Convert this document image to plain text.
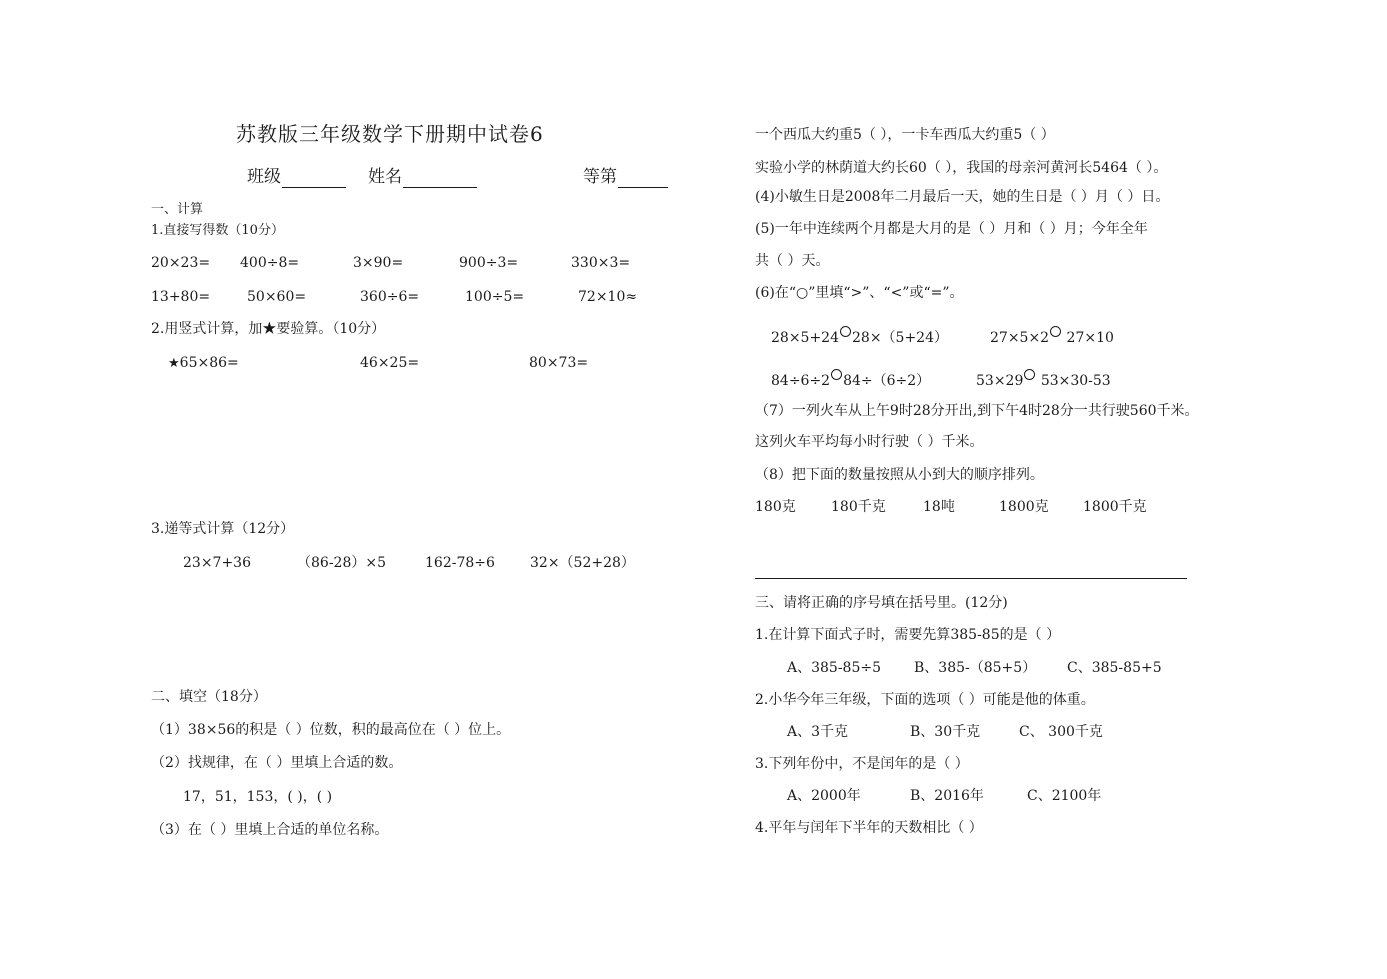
苏教版三年级数学下册期中试卷6
班级	姓名	等第
一、计算
1.直接写得数（10分）
20×23= 400÷8=	3×90=	900÷3=	330×3=
13+80=	50×60=	360÷6=	100÷5=	72×10≈
2.用竖式计算，加★要验算。（10分）
★65×86=	46×25=	80×73=
3.递等式计算（12分）
23×7+36	（86-28）×5	162-78÷6	32×（52+28）
二、填空（18分）
（1）38×56的积是（ ）位数，积的最高位在（ ）位上。
（2）找规律，在（ ）里填上合适的数。
17，51，153，( )，( )
（3）在（ ）里填上合适的单位名称。
一个西瓜大约重5（ ），一卡车西瓜大约重5（ ）
实验小学的林荫道大约长60（ ），我国的母亲河黄河长5464（ ）。
(4)小敏生日是2008年二月最后一天，她的生日是（ ）月（ ）日。
(5)一年中连续两个月都是大月的是（ ）月和（ ）月；今年全年
共（ ）天。
(6)在“○”里填“>”、“<”或“=”。
28×5+24 28×（5+24）	27×5×2 27×10
84÷6÷2 84÷（6÷2）	53×29 53×30-53
（7）一列火车从上午9时28分开出,到下午4时28分一共行驶560千米。
这列火车平均每小时行驶（ ）千米。
（8）把下面的数量按照从小到大的顺序排列。
180克	180千克	18吨	1800克 1800千克
三、请将正确的序号填在括号里。(12分)
1.在计算下面式子时，需要先算385-85的是（ ）
A、385-85÷5 B、385-（85+5） C、385-85+5
2.小华今年三年级，下面的选项（ ）可能是他的体重。
A、3千克	B、30千克	C、 300千克
3.下列年份中，不是闰年的是（ ）
A、2000年	B、2016年	C、2100年
4.平年与闰年下半年的天数相比（ ）
